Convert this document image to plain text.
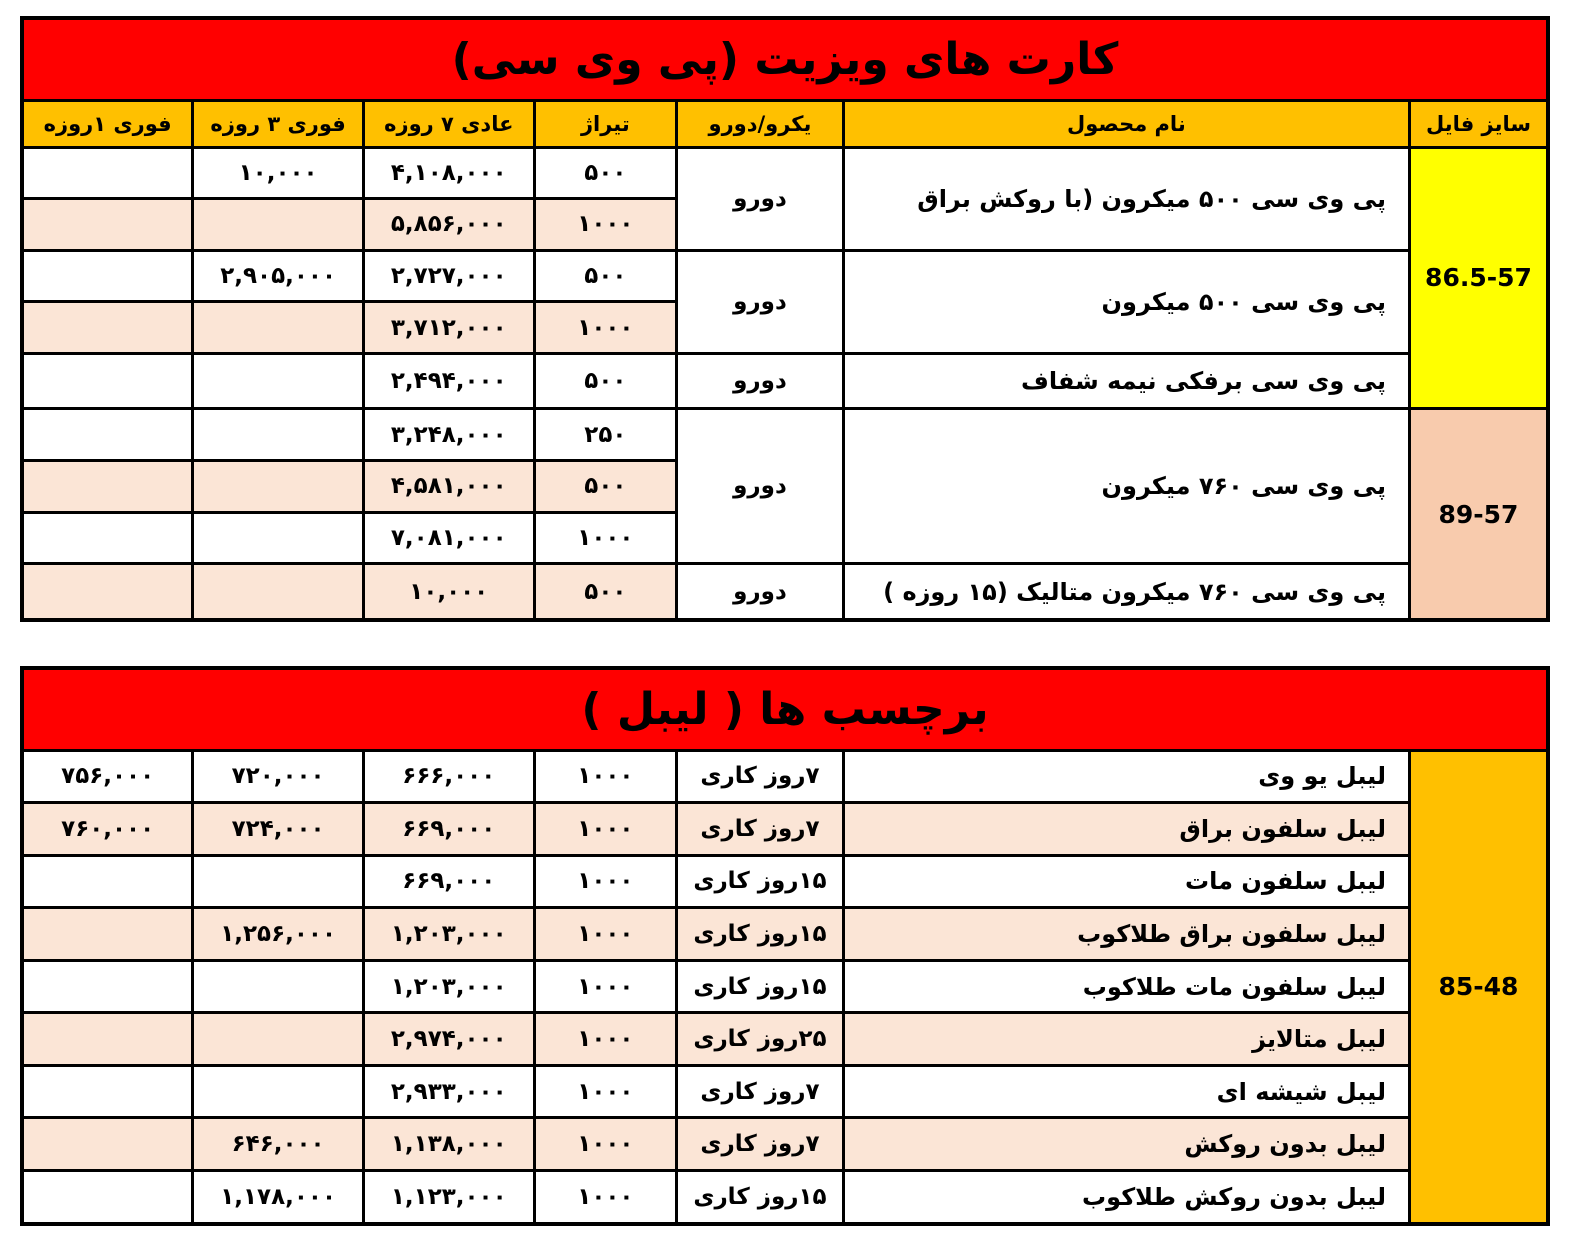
کارت های ویزیت (پی وی سی)						
سایز فایل	نام محصول	یکرو/دورو	تیراژ	عادی ۷ روزه	فوری ۳ روزه	فوری ۱روزه
86.5-57	پی وی سی ۵۰۰ میکرون (با روکش براق	دورو	۵۰۰	۴,۱۰۸,۰۰۰	۱۰,۰۰۰	
			۱۰۰۰	۵,۸۵۶,۰۰۰		
	پی وی سی ۵۰۰ میکرون	دورو	۵۰۰	۲,۷۲۷,۰۰۰	۲,۹۰۵,۰۰۰	
			۱۰۰۰	۳,۷۱۲,۰۰۰		
	پی وی سی برفکی نیمه شفاف	دورو	۵۰۰	۲,۴۹۴,۰۰۰		
89-57	پی وی سی ۷۶۰ میکرون	دورو	۲۵۰	۳,۲۴۸,۰۰۰		
			۵۰۰	۴,۵۸۱,۰۰۰		
			۱۰۰۰	۷,۰۸۱,۰۰۰		
	پی وی سی ۷۶۰ میکرون متالیک (۱۵ روزه )	دورو	۵۰۰	۱۰,۰۰۰		
برچسب ها ( لیبل )						
85-48	لیبل یو وی	۷روز کاری	۱۰۰۰	۶۶۶,۰۰۰	۷۲۰,۰۰۰	۷۵۶,۰۰۰
	لیبل سلفون براق	۷روز کاری	۱۰۰۰	۶۶۹,۰۰۰	۷۲۴,۰۰۰	۷۶۰,۰۰۰
	لیبل سلفون مات	۱۵روز کاری	۱۰۰۰	۶۶۹,۰۰۰		
	لیبل سلفون براق طلاکوب	۱۵روز کاری	۱۰۰۰	۱,۲۰۳,۰۰۰	۱,۲۵۶,۰۰۰	
	لیبل سلفون مات طلاکوب	۱۵روز کاری	۱۰۰۰	۱,۲۰۳,۰۰۰		
	لیبل متالایز	۲۵روز کاری	۱۰۰۰	۲,۹۷۴,۰۰۰		
	لیبل شیشه ای	۷روز کاری	۱۰۰۰	۲,۹۳۳,۰۰۰		
	لیبل بدون روکش	۷روز کاری	۱۰۰۰	۱,۱۳۸,۰۰۰	۶۴۶,۰۰۰	
	لیبل بدون روکش طلاکوب	۱۵روز کاری	۱۰۰۰	۱,۱۲۳,۰۰۰	۱,۱۷۸,۰۰۰	
